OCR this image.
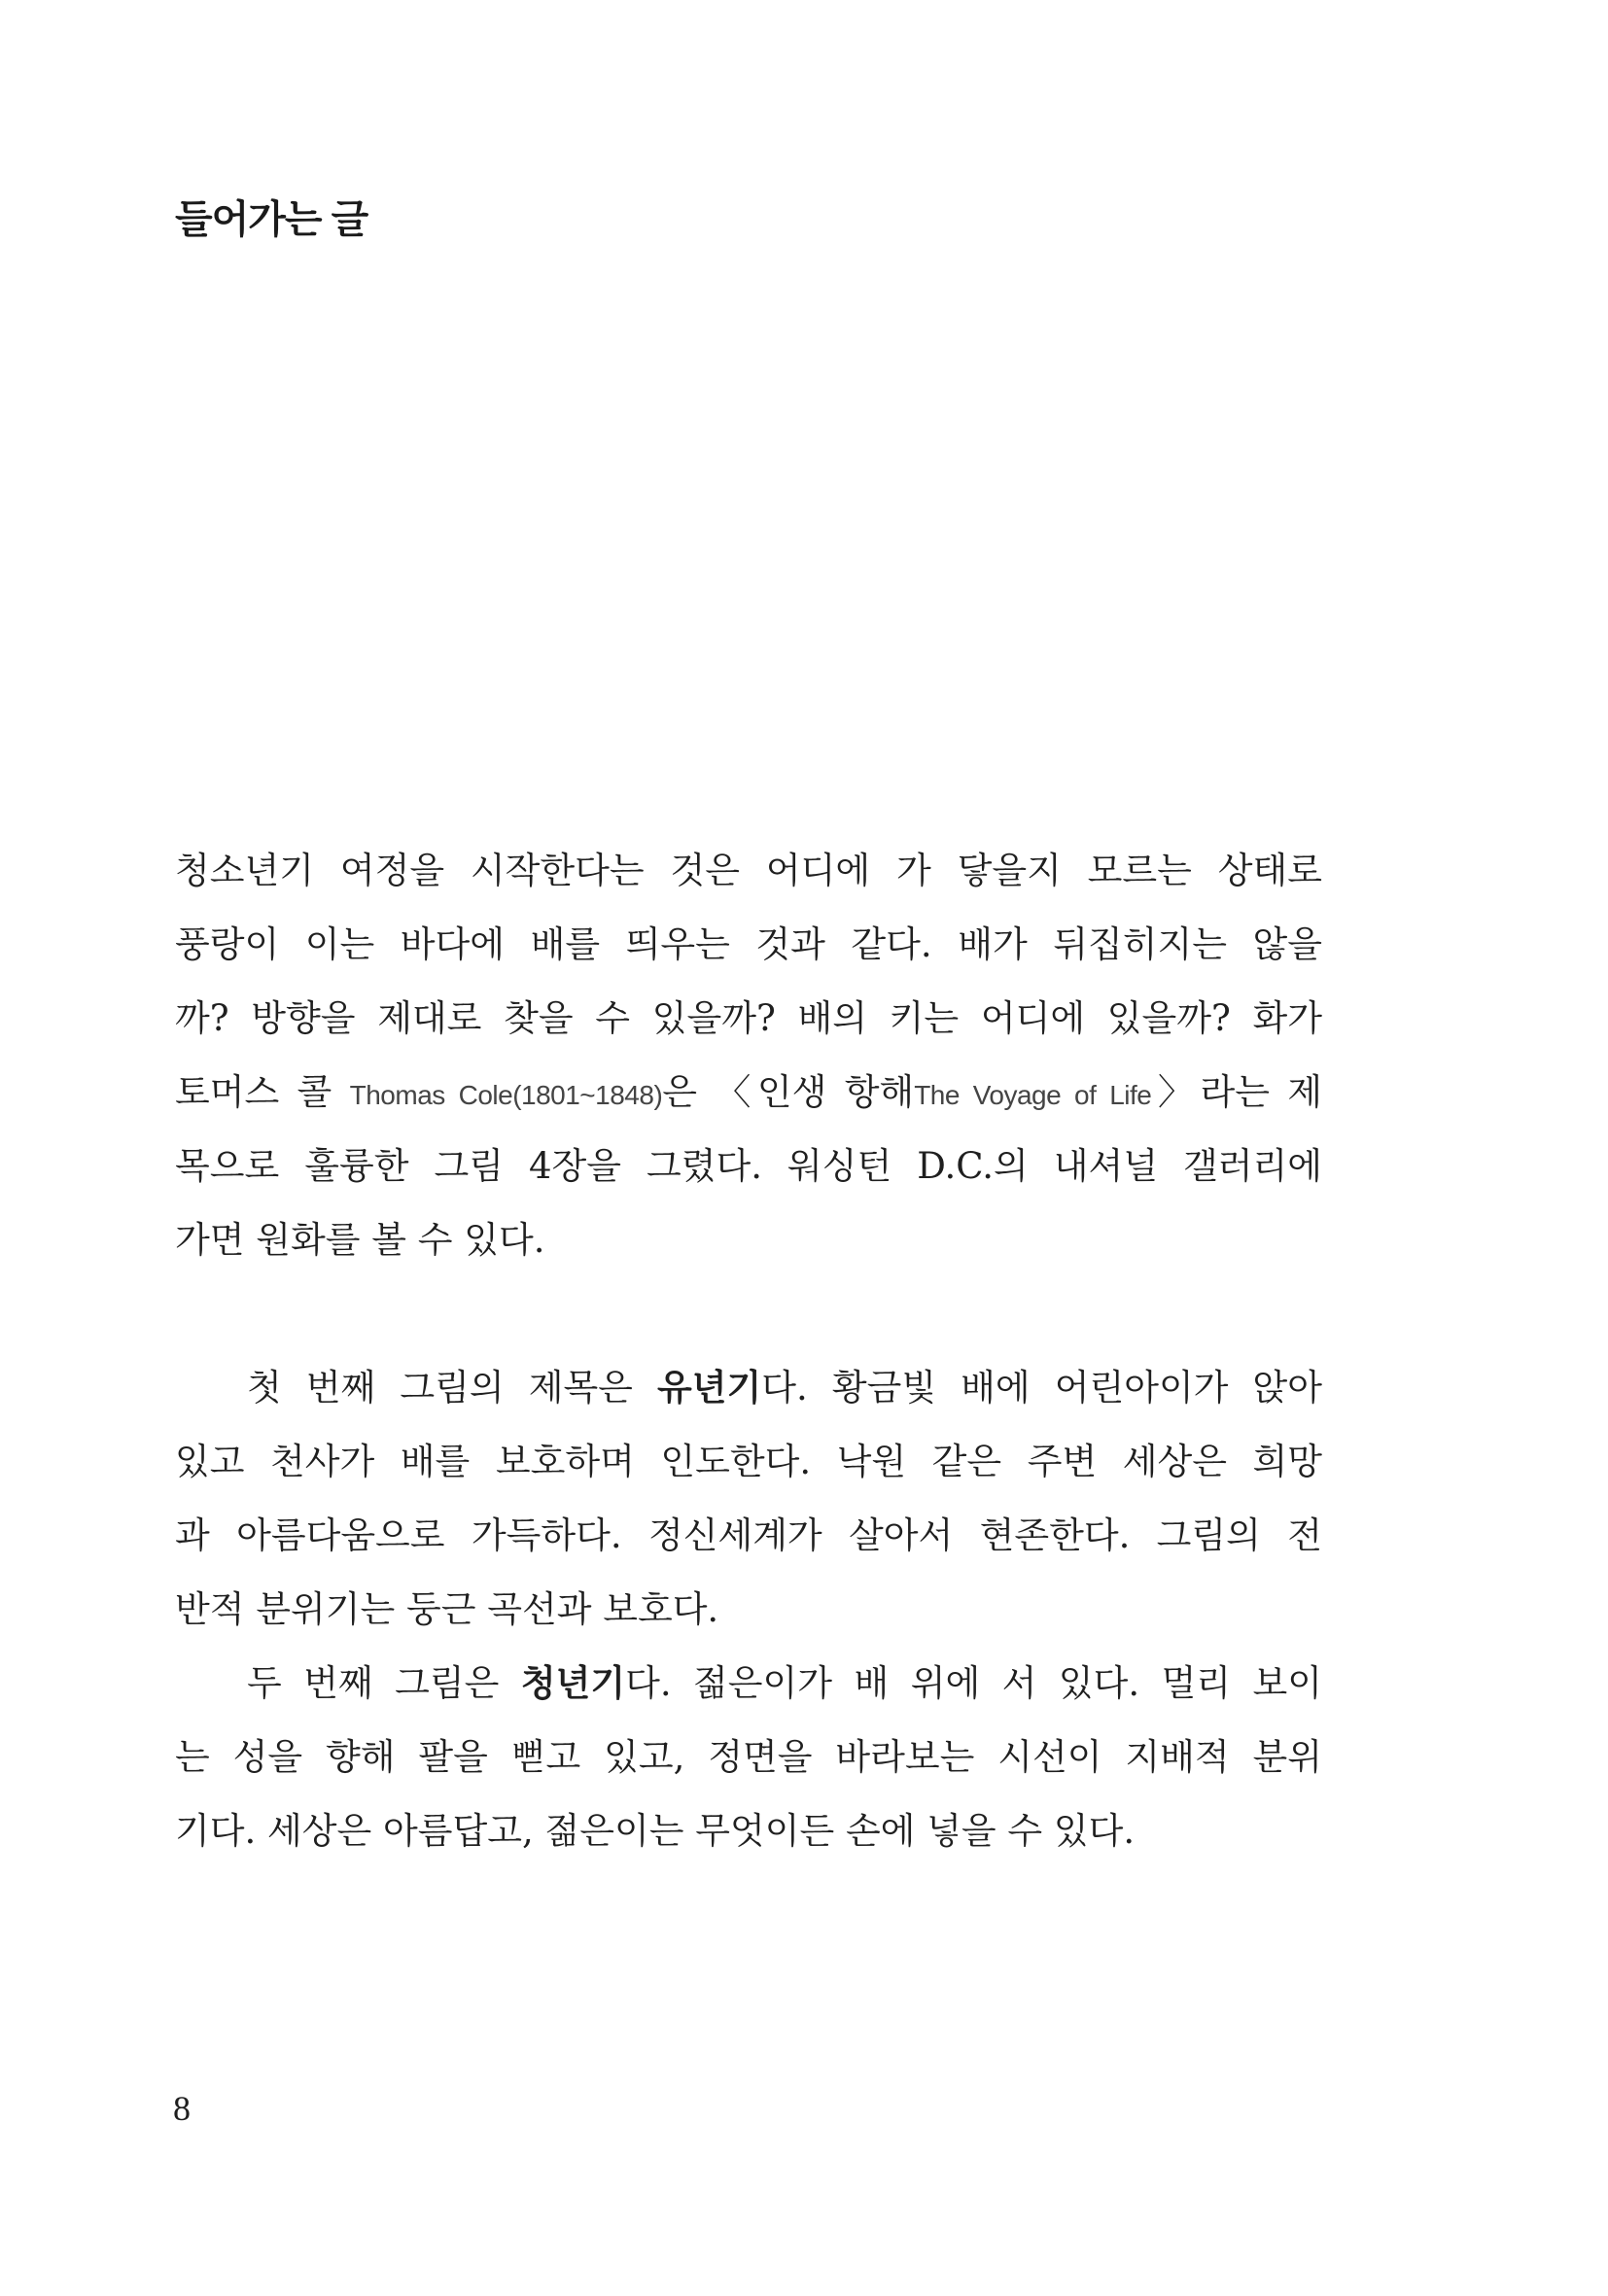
들어가는 글
청소년기 여정을 시작한다는 것은 어디에 가 닿을지 모르는 상태로
풍랑이 이는 바다에 배를 띄우는 것과 같다. 배가 뒤집히지는 않을
까? 방향을 제대로 찾을 수 있을까? 배의 키는 어디에 있을까? 화가
토머스 콜 Thomas Cole(1801~1848)은 〈인생 항해The Voyage of Life〉라는 제
목으로 훌륭한 그림 4장을 그렸다. 워싱턴 D.C.의 내셔널 갤러리에
가면 원화를 볼 수 있다.
첫 번째 그림의 제목은 유년기다. 황금빛 배에 어린아이가 앉아
있고 천사가 배를 보호하며 인도한다. 낙원 같은 주변 세상은 희망
과 아름다움으로 가득하다. 정신세계가 살아서 현존한다. 그림의 전
반적 분위기는 둥근 곡선과 보호다.
두 번째 그림은 청년기다. 젊은이가 배 위에 서 있다. 멀리 보이
는 성을 향해 팔을 뻗고 있고, 정면을 바라보는 시선이 지배적 분위
기다. 세상은 아름답고, 젊은이는 무엇이든 손에 넣을 수 있다.
8
